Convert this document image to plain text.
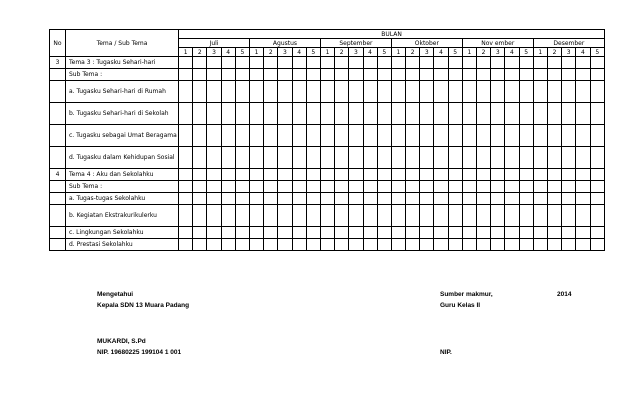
No	Tema / Sub Tema	BULAN																													
		Juli					Agustus					September					Oktober					Nov ember					Desember				
		1	2	3	4	5	1	2	3	4	5	1	2	3	4	5	1	2	3	4	5	1	2	3	4	5	1	2	3	4	5
3	Tema 3 : Tugasku Sehari-hari																														
	Sub Tema :																														
	a. Tugasku Sehari-hari di Rumah																														
	b. Tugasku Sehari-hari di Sekolah																														
	c. Tugasku sebagai Umat Beragama																														
	d. Tugasku dalam Kehidupan Sosial																														
4	Tema 4 : Aku dan Sekolahku																														
	Sub Tema :																														
	a. Tugas-tugas Sekolahku																														
	b. Kegiatan Ekstrakurikulerku																														
	c. Lingkungan Sekolahku																														
	d. Prestasi Sekolahku																														
Mengetahui
Kepala SDN 13 Muara Padang
MUKARDI, S.Pd
NIP. 19680225 199104 1 001
Sumber makmur,	2014
Guru Kelas II
NIP.
